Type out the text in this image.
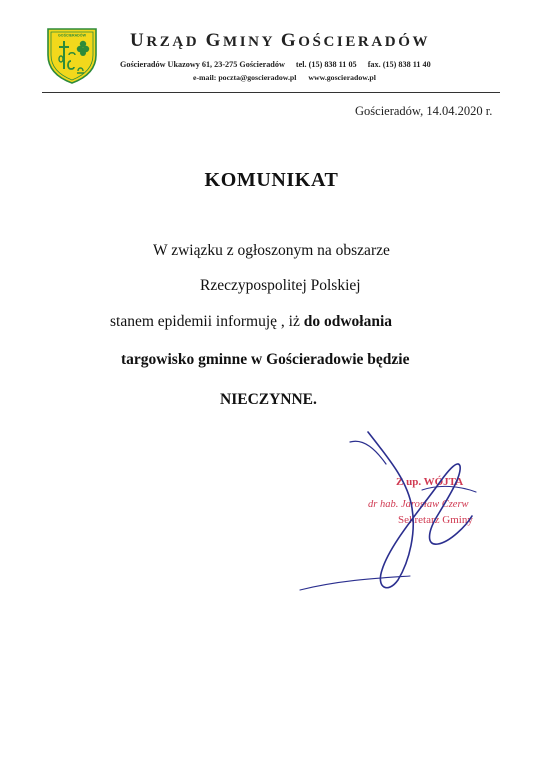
GOŚCIERADÓW URZĄD GMINY GOŚCIERADÓW
Gościeradów Ukazowy 61, 23-275 Gościeradów tel. (15) 838 11 05 fax. (15) 838 11 40
e-mail: poczta@goscieradow.pl www.goscieradow.pl
Gościeradów, 14.04.2020 r.
KOMUNIKAT
W związku z ogłoszonym na obszarze
Rzeczypospolitej Polskiej
stanem epidemii informuję , iż do odwołania
targowisko gminne w Gościeradowie będzie
NIECZYNNE.
Z up. WÓJTA
dr hab. Jarosław Czerw
Sekretarz Gminy
